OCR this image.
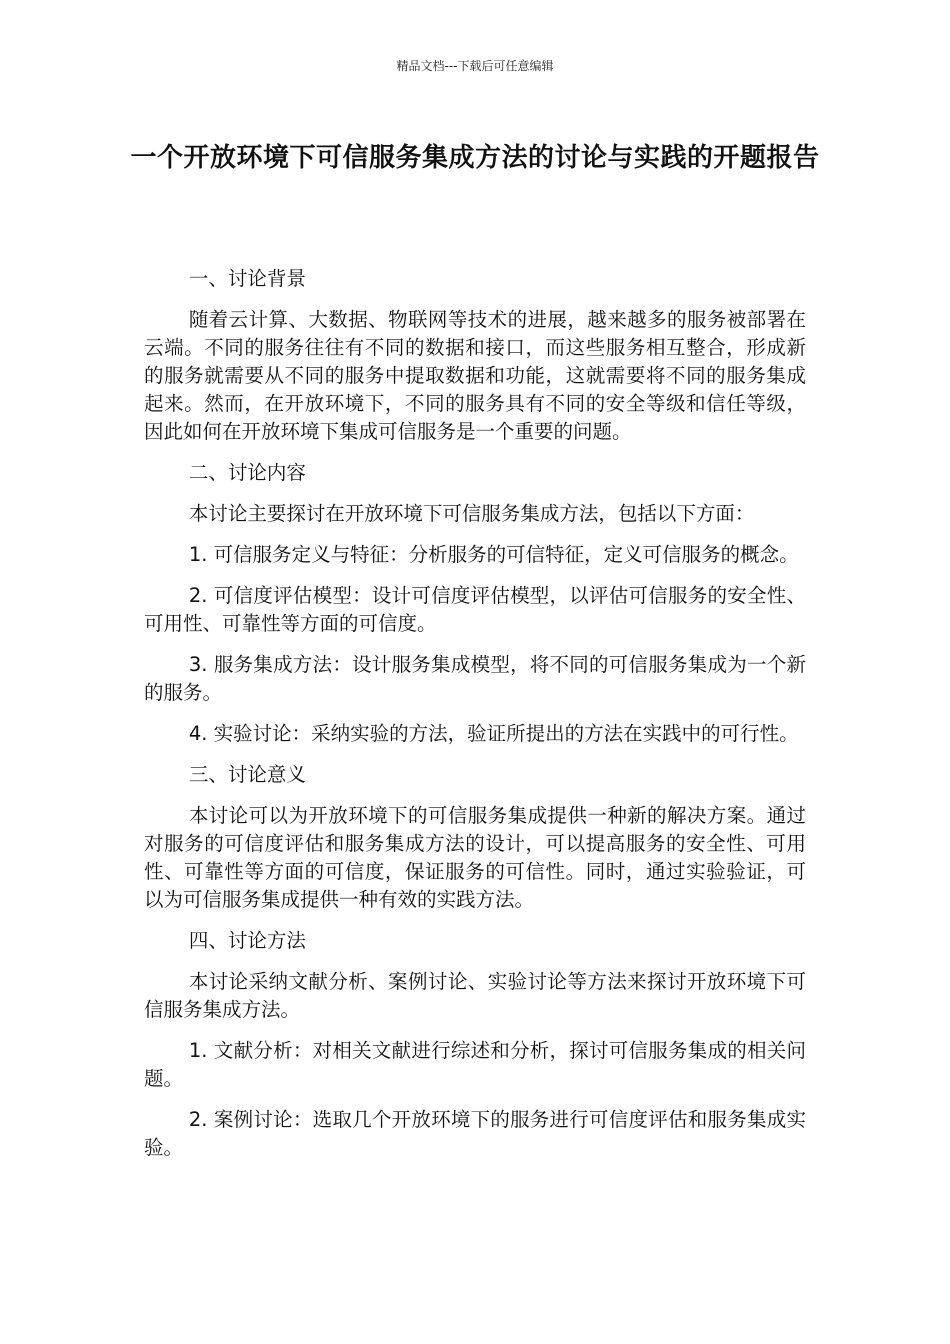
精品文档---下载后可任意编辑
一个开放环境下可信服务集成方法的讨论与实践的开题报告
一、讨论背景
随着云计算、大数据、物联网等技术的进展，越来越多的服务被部署在云端。不同的服务往往有不同的数据和接口，而这些服务相互整合，形成新的服务就需要从不同的服务中提取数据和功能，这就需要将不同的服务集成起来。然而，在开放环境下，不同的服务具有不同的安全等级和信任等级，因此如何在开放环境下集成可信服务是一个重要的问题。
二、讨论内容
本讨论主要探讨在开放环境下可信服务集成方法，包括以下方面：
1. 可信服务定义与特征：分析服务的可信特征，定义可信服务的概念。
2. 可信度评估模型：设计可信度评估模型，以评估可信服务的安全性、可用性、可靠性等方面的可信度。
3. 服务集成方法：设计服务集成模型，将不同的可信服务集成为一个新的服务。
4. 实验讨论：采纳实验的方法，验证所提出的方法在实践中的可行性。
三、讨论意义
本讨论可以为开放环境下的可信服务集成提供一种新的解决方案。通过对服务的可信度评估和服务集成方法的设计，可以提高服务的安全性、可用性、可靠性等方面的可信度，保证服务的可信性。同时，通过实验验证，可以为可信服务集成提供一种有效的实践方法。
四、讨论方法
本讨论采纳文献分析、案例讨论、实验讨论等方法来探讨开放环境下可信服务集成方法。
1. 文献分析：对相关文献进行综述和分析，探讨可信服务集成的相关问题。
2. 案例讨论：选取几个开放环境下的服务进行可信度评估和服务集成实验。
